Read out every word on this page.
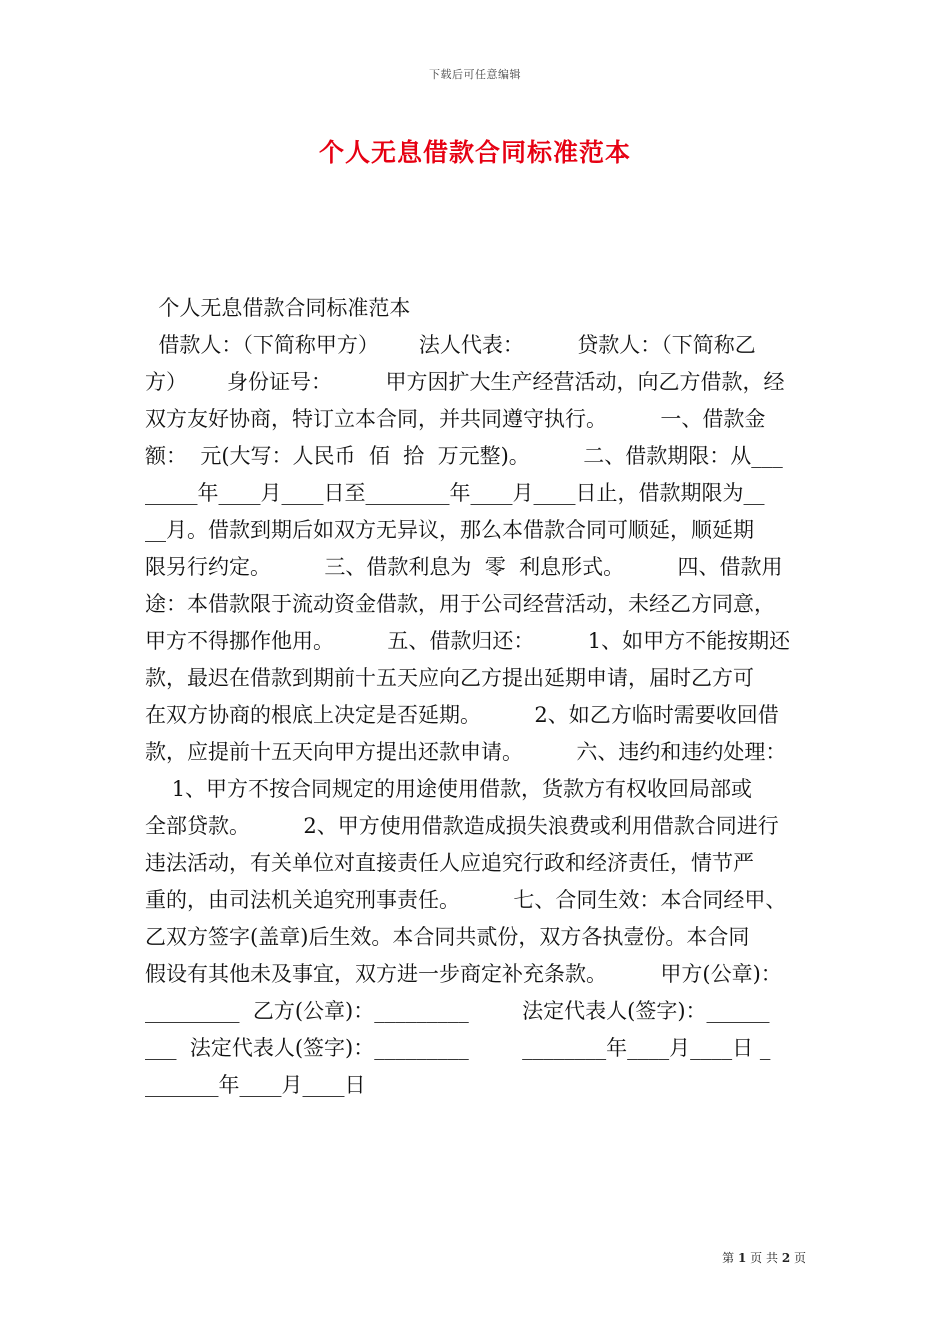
下载后可任意编辑
个人无息借款合同标准范本
个人无息借款合同标准范本
借款人：（下简称甲方）      法人代表：        贷款人：（下简称乙
方）      身份证号：        甲方因扩大生产经营活动，向乙方借款，经
双方友好协商，特订立本合同，并共同遵守执行。        一、借款金
额：  元(大写：人民币  佰  拾  万元整)。        二、借款期限：从___
_____年____月____日至________年____月____日止，借款期限为__
__月。借款到期后如双方无异议，那么本借款合同可顺延，顺延期
限另行约定。        三、借款利息为  零  利息形式。        四、借款用
途：本借款限于流动资金借款，用于公司经营活动，未经乙方同意，
甲方不得挪作他用。        五、借款归还：        1、如甲方不能按期还
款，最迟在借款到期前十五天应向乙方提出延期申请，届时乙方可
在双方协商的根底上决定是否延期。        2、如乙方临时需要收回借
款，应提前十五天向甲方提出还款申请。        六、违约和违约处理：
1、甲方不按合同规定的用途使用借款，货款方有权收回局部或
全部贷款。        2、甲方使用借款造成损失浪费或利用借款合同进行
违法活动，有关单位对直接责任人应追究行政和经济责任，情节严
重的，由司法机关追究刑事责任。        七、合同生效：本合同经甲、
乙双方签字(盖章)后生效。本合同共贰份，双方各执壹份。本合同
假设有其他未及事宜，双方进一步商定补充条款。        甲方(公章)：
_________  乙方(公章)：_________        法定代表人(签字)：______
___  法定代表人(签字)：_________        ________年____月____日 _
_______年____月____日
第 1 页 共 2 页
